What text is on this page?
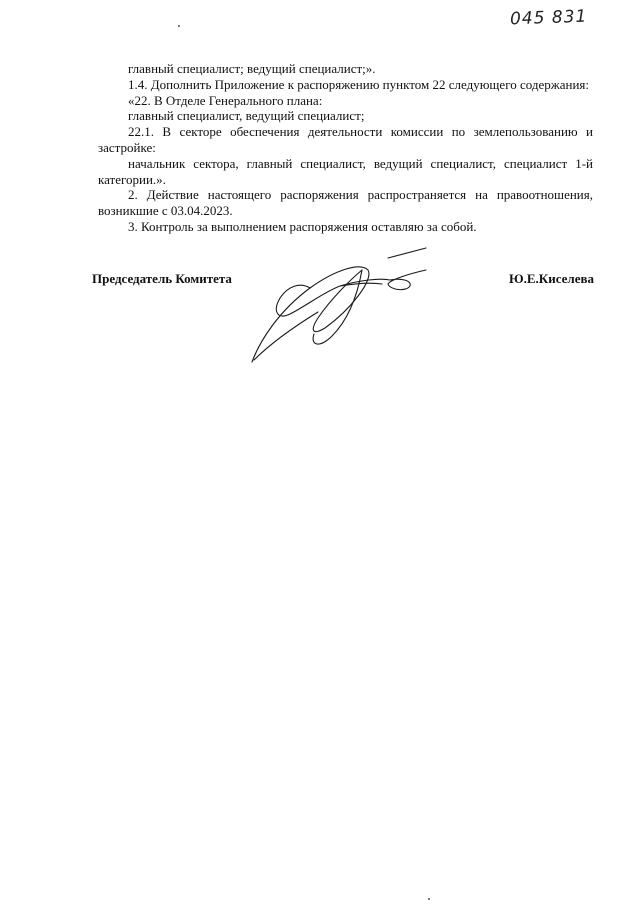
045 831

главный специалист; ведущий специалист;».

1.4. Дополнить Приложение к распоряжению пунктом 22 следующего содержания:

«22. В Отделе Генерального плана:

главный специалист, ведущий специалист;

22.1. В секторе обеспечения деятельности комиссии по землепользованию и застройке:

начальник сектора, главный специалист, ведущий специалист, специалист 1-й категории.».

2. Действие настоящего распоряжения распространяется на правоотношения, возникшие с 03.04.2023.

3. Контроль за выполнением распоряжения оставляю за собой.

Председатель Комитета	Ю.Е.Киселева
